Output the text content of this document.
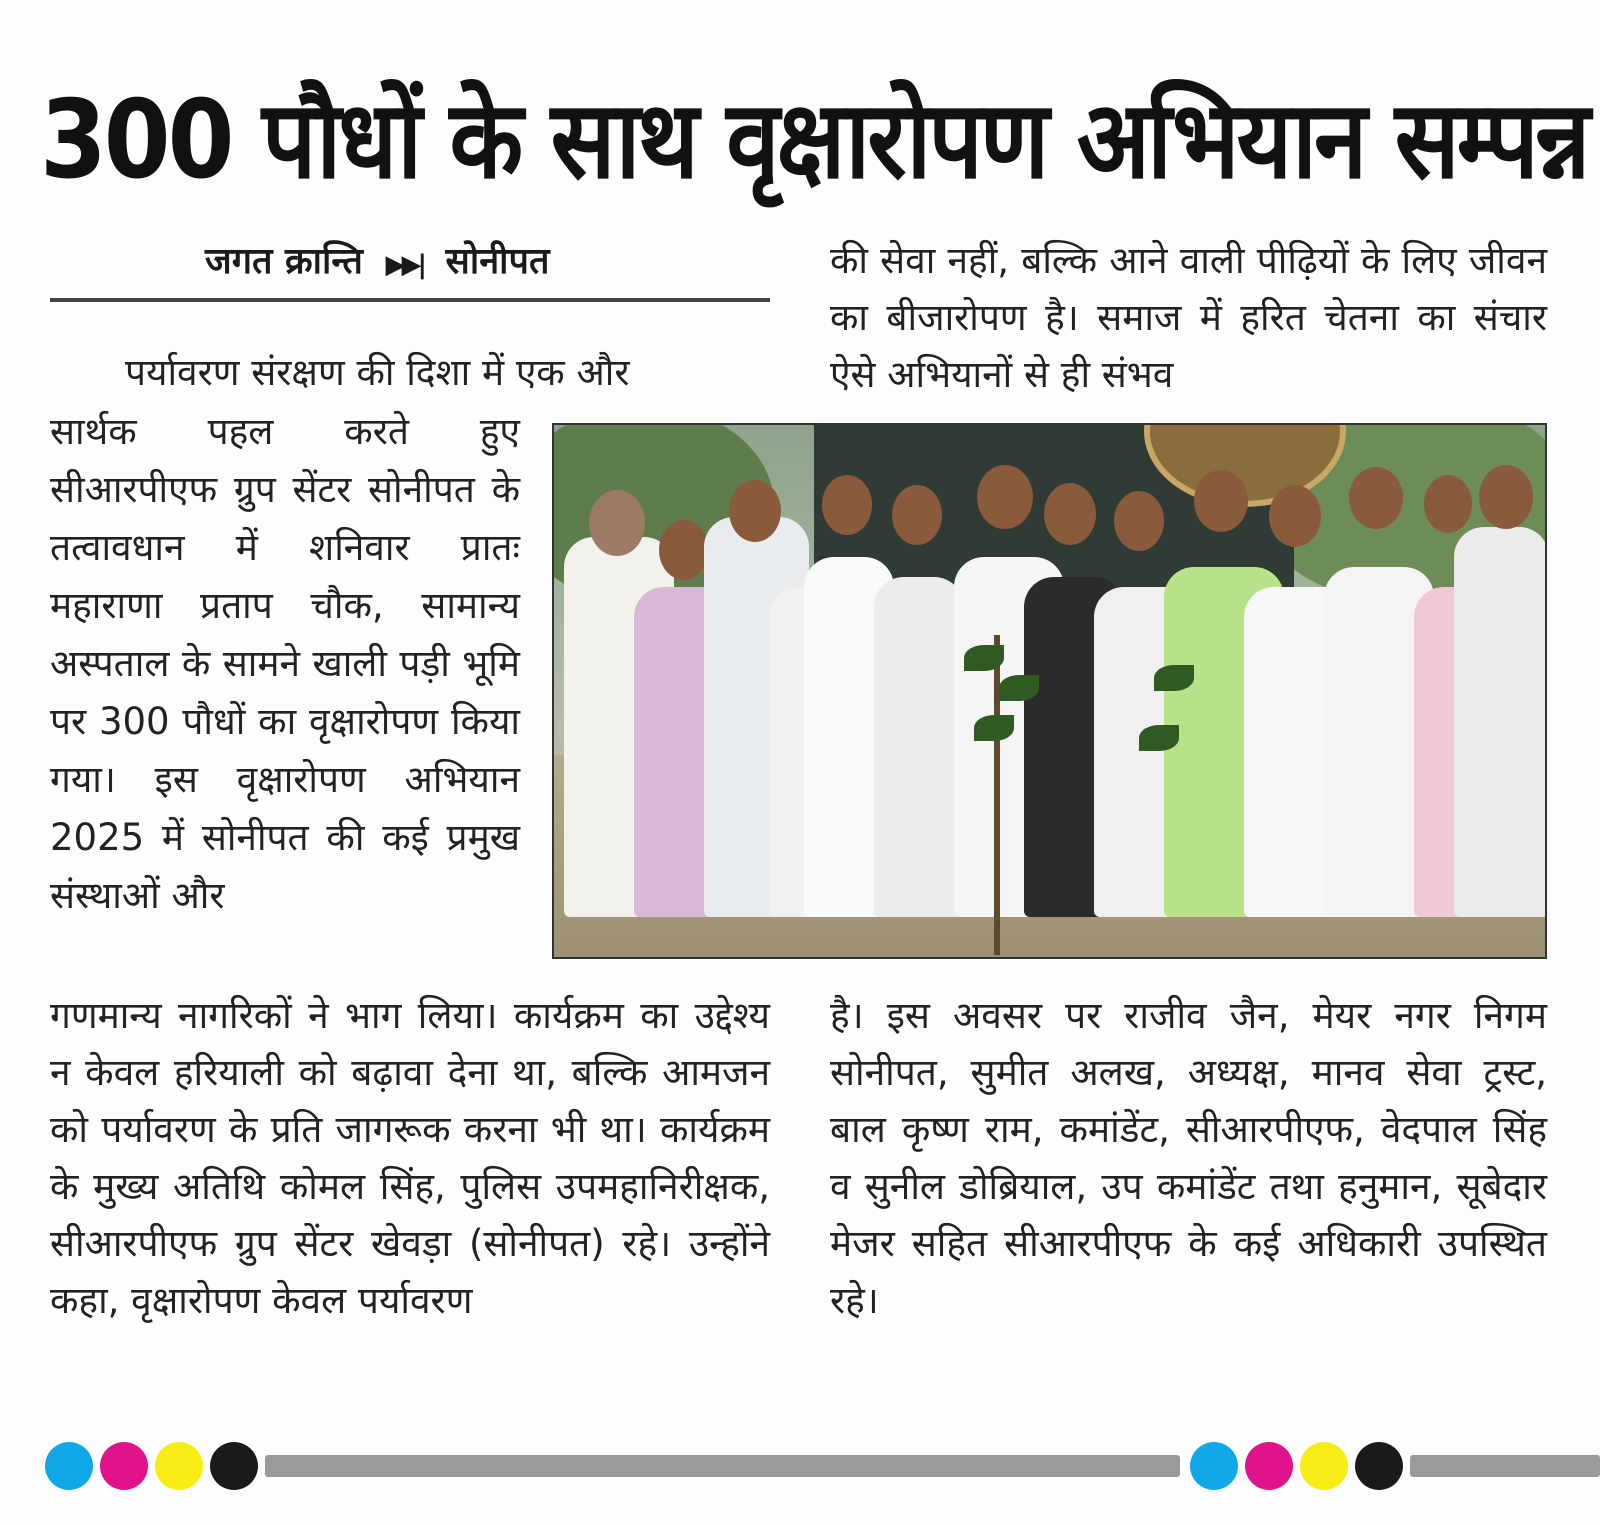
300 पौधों के साथ वृक्षारोपण अभियान सम्पन्न
जगत क्रान्ति ▶▶| सोनीपत

पर्यावरण संरक्षण की दिशा में एक और

सार्थक पहल करते हुए सीआरपीएफ ग्रुप सेंटर सोनीपत के तत्वावधान में शनिवार प्रातः महाराणा प्रताप चौक, सामान्य अस्पताल के सामने खाली पड़ी भूमि पर 300 पौधों का वृक्षारोपण किया गया। इस वृक्षारोपण अभियान 2025 में सोनीपत की कई प्रमुख संस्थाओं और

गणमान्य नागरिकों ने भाग लिया। कार्यक्रम का उद्देश्य न केवल हरियाली को बढ़ावा देना था, बल्कि आमजन को पर्यावरण के प्रति जागरूक करना भी था। कार्यक्रम के मुख्य अतिथि कोमल सिंह, पुलिस उपमहानिरीक्षक, सीआरपीएफ ग्रुप सेंटर खेवड़ा (सोनीपत) रहे। उन्होंने कहा, वृक्षारोपण केवल पर्यावरण

की सेवा नहीं, बल्कि आने वाली पीढ़ियों के लिए जीवन का बीजारोपण है। समाज में हरित चेतना का संचार ऐसे अभियानों से ही संभव

है। इस अवसर पर राजीव जैन, मेयर नगर निगम सोनीपत, सुमीत अलख, अध्यक्ष, मानव सेवा ट्रस्ट, बाल कृष्ण राम, कमांडेंट, सीआरपीएफ, वेदपाल सिंह व सुनील डोब्रियाल, उप कमांडेंट तथा हनुमान, सूबेदार मेजर सहित सीआरपीएफ के कई अधिकारी उपस्थित रहे।
